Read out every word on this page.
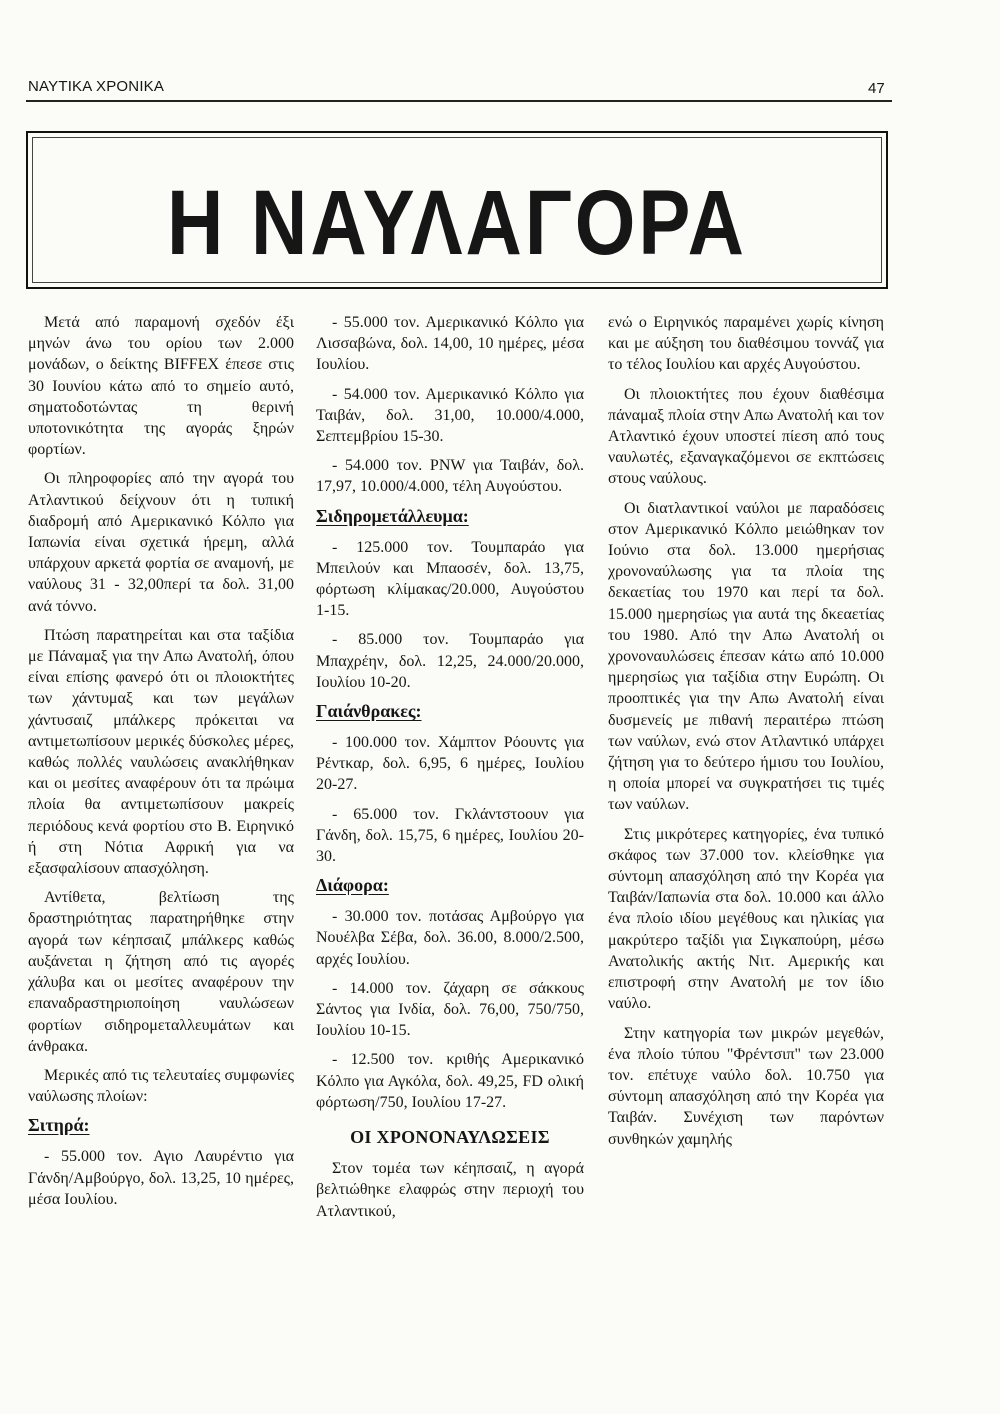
ΝΑΥΤΙΚΑ ΧΡΟΝΙΚΑ	47
Η ΝΑΥΛΑΓΟΡΑ

Μετά από παραμονή σχεδόν έξι μηνών άνω του ορίου των 2.000 μονάδων, ο δείκτης BIFFEX έπεσε στις 30 Ιουνίου κάτω από το σημείο αυτό, σηματοδοτώντας τη θερινή υποτονικότητα της αγοράς ξηρών φορτίων.

Οι πληροφορίες από την αγορά του Ατλαντικού δείχνουν ότι η τυπική διαδρομή από Αμερικανικό Κόλπο για Ιαπωνία είναι σχετικά ήρεμη, αλλά υπάρχουν αρκετά φορτία σε αναμονή, με ναύλους 31 - 32,00περί τα δολ. 31,00 ανά τόννο.

Πτώση παρατηρείται και στα ταξίδια με Πάναμαξ για την Απω Ανατολή, όπου είναι επίσης φανερό ότι οι πλοιοκτήτες των χάντυμαξ και των μεγάλων χάντυσαιζ μπάλκερς πρόκειται να αντιμετωπίσουν μερικές δύσκολες μέρες, καθώς πολλές ναυλώσεις ανακλήθηκαν και οι μεσίτες αναφέρουν ότι τα πρώιμα πλοία θα αντιμετωπίσουν μακρείς περιόδους κενά φορτίου στο Β. Ειρηνικό ή στη Νότια Αφρική για να εξασφαλίσουν απασχόληση.

Αντίθετα, βελτίωση της δραστηριότητας παρατηρήθηκε στην αγορά των κέηπσαιζ μπάλκερς καθώς αυξάνεται η ζήτηση από τις αγορές χάλυβα και οι μεσίτες αναφέρουν την επαναδραστηριοποίηση ναυλώσεων φορτίων σιδηρομεταλλευμάτων και άνθρακα.

Μερικές από τις τελευταίες συμφωνίες ναύλωσης πλοίων:

Σιτηρά:

- 55.000 τον. Αγιο Λαυρέντιο για Γάνδη/Αμβούργο, δολ. 13,25, 10 ημέρες, μέσα Ιουλίου.

- 55.000 τον. Αμερικανικό Κόλπο για Λισσαβώνα, δολ. 14,00, 10 ημέρες, μέσα Ιουλίου.

- 54.000 τον. Αμερικανικό Κόλπο για Ταιβάν, δολ. 31,00, 10.000/4.000, Σεπτεμβρίου 15-30.

- 54.000 τον. PNW για Ταιβάν, δολ. 17,97, 10.000/4.000, τέλη Αυγούστου.

Σιδηρομετάλλευμα:

- 125.000 τον. Τουμπαράο για Μπειλούν και Μπαοσέν, δολ. 13,75, φόρτωση κλίμακας/20.000, Αυγούστου 1-15.

- 85.000 τον. Τουμπαράο για Μπαχρέην, δολ. 12,25, 24.000/20.000, Ιουλίου 10-20.

Γαιάνθρακες:

- 100.000 τον. Χάμπτον Ρόουντς για Ρέντκαρ, δολ. 6,95, 6 ημέρες, Ιουλίου 20-27.

- 65.000 τον. Γκλάντστοουν για Γάνδη, δολ. 15,75, 6 ημέρες, Ιουλίου 20-30.

Διάφορα:

- 30.000 τον. ποτάσας Αμβούργο για Νουέλβα Σέβα, δολ. 36.00, 8.000/2.500, αρχές Ιουλίου.

- 14.000 τον. ζάχαρη σε σάκκους Σάντος για Ινδία, δολ. 76,00, 750/750, Ιουλίου 10-15.

- 12.500 τον. κριθής Αμερικανικό Κόλπο για Αγκόλα, δολ. 49,25, FD ολική φόρτωση/750, Ιουλίου 17-27.

ΟΙ ΧΡΟΝΟΝΑΥΛΩΣΕΙΣ

Στον τομέα των κέηπσαιζ, η αγορά βελτιώθηκε ελαφρώς στην περιοχή του Ατλαντικού,

ενώ ο Ειρηνικός παραμένει χωρίς κίνηση και με αύξηση του διαθέσιμου τοννάζ για το τέλος Ιουλίου και αρχές Αυγούστου.

Οι πλοιοκτήτες που έχουν διαθέσιμα πάναμαξ πλοία στην Απω Ανατολή και τον Ατλαντικό έχουν υποστεί πίεση από τους ναυλωτές, εξαναγκαζόμενοι σε εκπτώσεις στους ναύλους.

Οι διατλαντικοί ναύλοι με παραδόσεις στον Αμερικανικό Κόλπο μειώθηκαν τον Ιούνιο στα δολ. 13.000 ημερήσιας χρονοναύλωσης για τα πλοία της δεκαετίας του 1970 και περί τα δολ. 15.000 ημερησίως για αυτά της δκεαετίας του 1980. Από την Απω Ανατολή οι χρονοναυλώσεις έπεσαν κάτω από 10.000 ημερησίως για ταξίδια στην Ευρώπη. Οι προοπτικές για την Απω Ανατολή είναι δυσμενείς με πιθανή περαιτέρω πτώση των ναύλων, ενώ στον Ατλαντικό υπάρχει ζήτηση για το δεύτερο ήμισυ του Ιουλίου, η οποία μπορεί να συγκρατήσει τις τιμές των ναύλων.

Στις μικρότερες κατηγορίες, ένα τυπικό σκάφος των 37.000 τον. κλείσθηκε για σύντομη απασχόληση από την Κορέα για Ταιβάν/Ιαπωνία στα δολ. 10.000 και άλλο ένα πλοίο ιδίου μεγέθους και ηλικίας για μακρύτερο ταξίδι για Σιγκαπούρη, μέσω Ανατολικής ακτής Νιτ. Αμερικής και επιστροφή στην Ανατολή με τον ίδιο ναύλο.

Στην κατηγορία των μικρών μεγεθών, ένα πλοίο τύπου "Φρέντσιπ" των 23.000 τον. επέτυχε ναύλο δολ. 10.750 για σύντομη απασχόληση από την Κορέα για Ταιβάν. Συνέχιση των παρόντων συνθηκών χαμηλής
